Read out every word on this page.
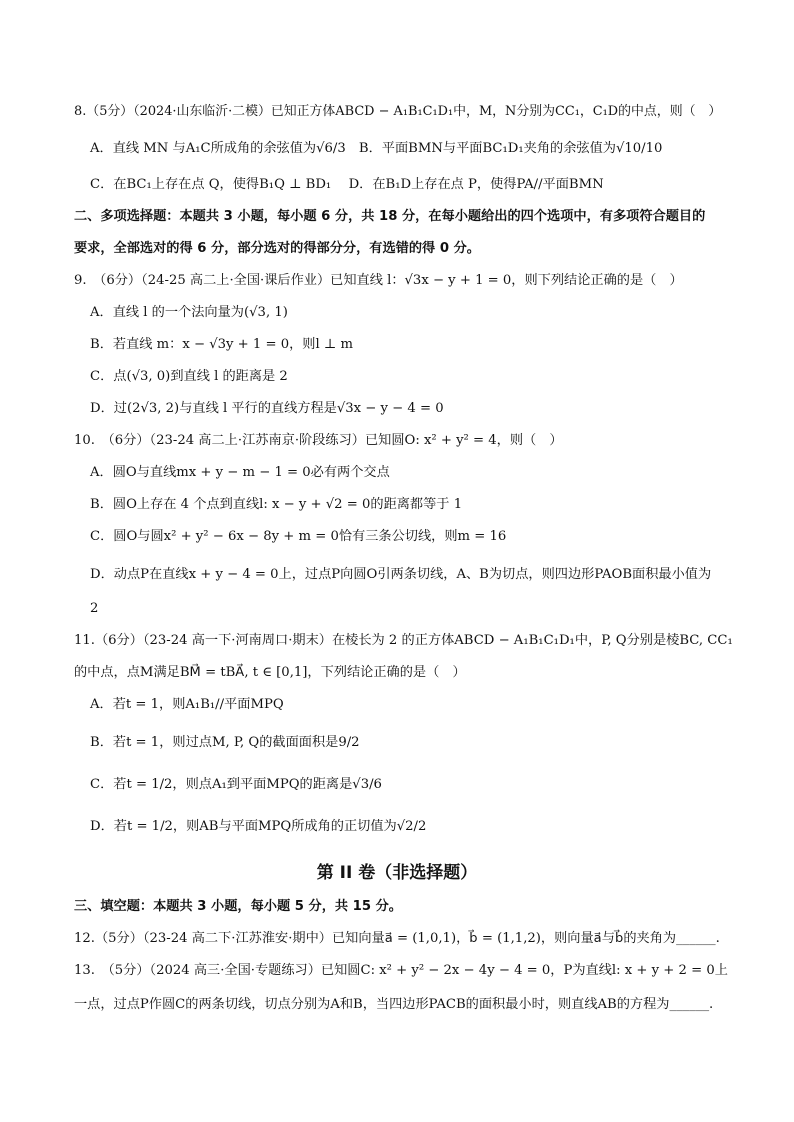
8.（5分）（2024·山东临沂·二模）已知正方体ABCD − A₁B₁C₁D₁中，M，N分别为CC₁，C₁D的中点，则（　）
A．直线 MN 与A₁C所成角的余弦值为√6/3　B．平面BMN与平面BC₁D₁夹角的余弦值为√10/10
C．在BC₁上存在点 Q，使得B₁Q ⊥ BD₁　 D．在B₁D上存在点 P，使得PA//平面BMN
二、多项选择题：本题共 3 小题，每小题 6 分，共 18 分，在每小题给出的四个选项中，有多项符合题目的
要求，全部选对的得 6 分，部分选对的得部分分，有选错的得 0 分。
9.　（6分）（24-25 高二上·全国·课后作业）已知直线 l：√3x − y + 1 = 0，则下列结论正确的是（　）
A．直线 l 的一个法向量为(√3, 1)
B．若直线 m：x − √3y + 1 = 0，则l ⊥ m
C．点(√3, 0)到直线 l 的距离是 2
D．过(2√3, 2)与直线 l 平行的直线方程是√3x − y − 4 = 0
10.　（6分）（23-24 高二上·江苏南京·阶段练习）已知圆O: x² + y² = 4，则（　）
A．圆O与直线mx + y − m − 1 = 0必有两个交点
B．圆O上存在 4 个点到直线l: x − y + √2 = 0的距离都等于 1
C．圆O与圆x² + y² − 6x − 8y + m = 0恰有三条公切线，则m = 16
D．动点P在直线x + y − 4 = 0上，过点P向圆O引两条切线，A、B为切点，则四边形PAOB面积最小值为
2
11.（6分）（23-24 高一下·河南周口·期末）在棱长为 2 的正方体ABCD − A₁B₁C₁D₁中，P, Q分别是棱BC, CC₁
的中点，点M满足BM⃗ = tBA⃗, t ∈ [0,1]，下列结论正确的是（　）
A．若t = 1，则A₁B₁//平面MPQ
B．若t = 1，则过点M, P, Q的截面面积是9/2
C．若t = 1/2，则点A₁到平面MPQ的距离是√3/6
D．若t = 1/2，则AB与平面MPQ所成角的正切值为√2/2
第 II 卷（非选择题）
三、填空题：本题共 3 小题，每小题 5 分，共 15 分。
12.（5分）（23-24 高二下·江苏淮安·期中）已知向量a⃗ = (1,0,1)，b⃗ = (1,1,2)，则向量a⃗与b⃗的夹角为______.
13.　（5分）（2024 高三·全国·专题练习）已知圆C: x² + y² − 2x − 4y − 4 = 0，P为直线l: x + y + 2 = 0上
一点，过点P作圆C的两条切线，切点分别为A和B，当四边形PACB的面积最小时，则直线AB的方程为______.
